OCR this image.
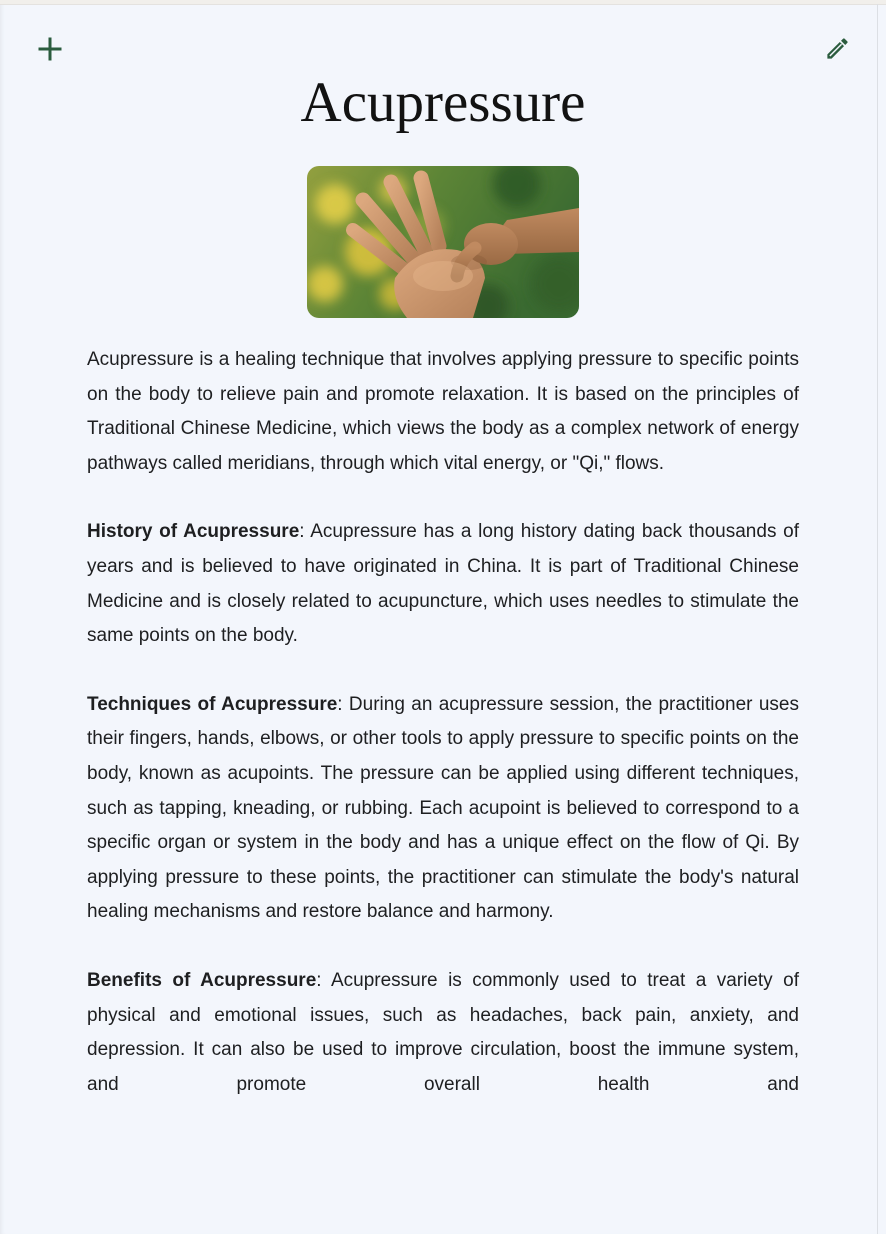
Acupressure

Acupressure is a healing technique that involves applying pressure to specific points on the body to relieve pain and promote relaxation. It is based on the principles of Traditional Chinese Medicine, which views the body as a complex network of energy pathways called meridians, through which vital energy, or "Qi," flows.

History of Acupressure: Acupressure has a long history dating back thousands of years and is believed to have originated in China. It is part of Traditional Chinese Medicine and is closely related to acupuncture, which uses needles to stimulate the same points on the body.

Techniques of Acupressure: During an acupressure session, the practitioner uses their fingers, hands, elbows, or other tools to apply pressure to specific points on the body, known as acupoints. The pressure can be applied using different techniques, such as tapping, kneading, or rubbing. Each acupoint is believed to correspond to a specific organ or system in the body and has a unique effect on the flow of Qi. By applying pressure to these points, the practitioner can stimulate the body's natural healing mechanisms and restore balance and harmony.

Benefits of Acupressure: Acupressure is commonly used to treat a variety of physical and emotional issues, such as headaches, back pain, anxiety, and depression. It can also be used to improve circulation, boost the immune system, and promote overall health and
